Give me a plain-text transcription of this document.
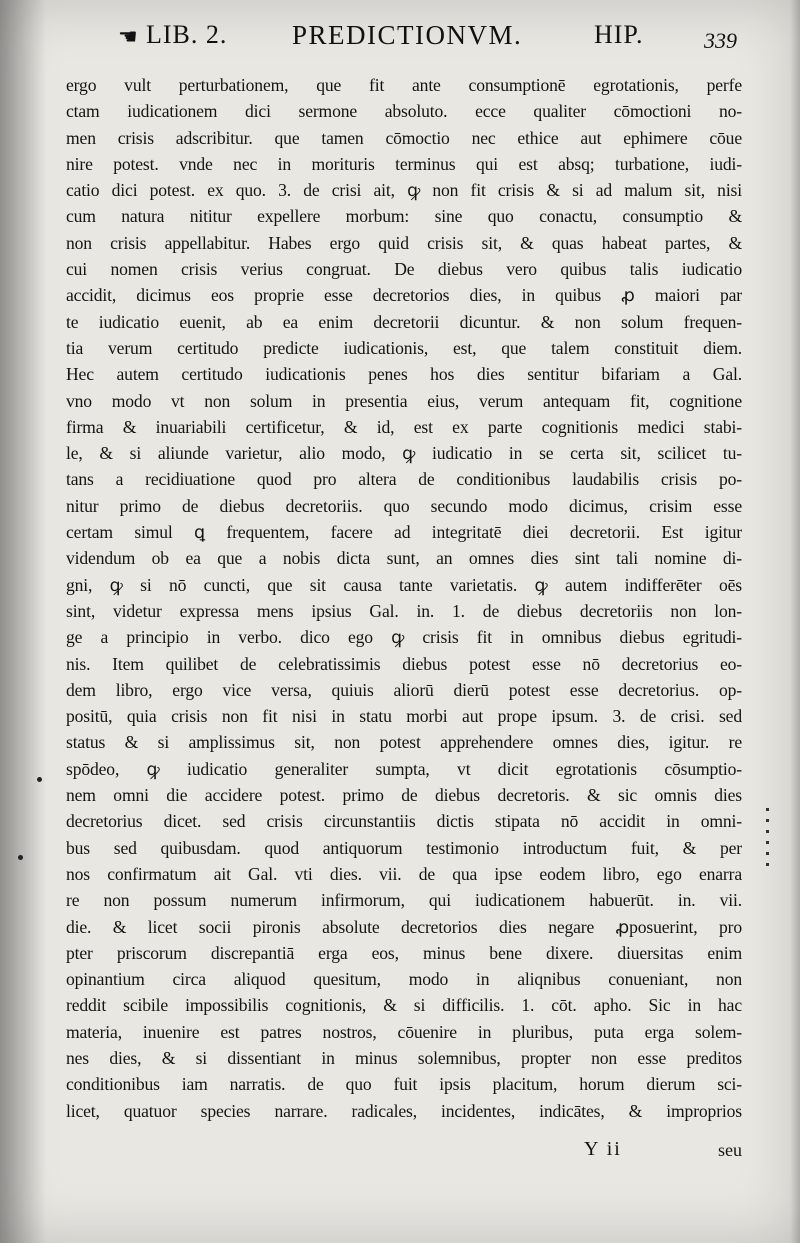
☚ LIB. 2. PREDICTIONVM.	HIP.	339
ergo vult perturbationem, que fit ante consumptionē egrotationis, perfe
ctam iudicationem dici sermone absoluto. ecce qualiter cōmoctioni no-
men crisis adscribitur. que tamen cōmoctio nec ethice aut ephimere cōue
nire potest. vnde nec in morituris terminus qui est absq; turbatione, iudi-
catio dici potest. ex quo. 3. de crisi ait, ꝙ non fit crisis & si ad malum sit, nisi
cum natura nititur expellere morbum: sine quo conactu, consumptio &
non crisis appellabitur. Habes ergo quid crisis sit, & quas habeat partes, &
cui nomen crisis verius congruat. De diebus vero quibus talis iudicatio
accidit, dicimus eos proprie esse decretorios dies, in quibus ꝓ maiori par
te iudicatio euenit, ab ea enim decretorii dicuntur. & non solum frequen-
tia verum certitudo predicte iudicationis, est, que talem constituit diem.
Hec autem certitudo iudicationis penes hos dies sentitur bifariam a Gal.
vno modo vt non solum in presentia eius, verum antequam fit, cognitione
firma & inuariabili certificetur, & id, est ex parte cognitionis medici stabi-
le, & si aliunde varietur, alio modo, ꝙ iudicatio in se certa sit, scilicet tu-
tans a recidiuatione quod pro altera de conditionibus laudabilis crisis po-
nitur primo de diebus decretoriis. quo secundo modo dicimus, crisim esse
certam simul ꝗ frequentem, facere ad integritatē diei decretorii. Est igitur
videndum ob ea que a nobis dicta sunt, an omnes dies sint tali nomine di-
gni, ꝙ si nō cuncti, que sit causa tante varietatis. ꝙ autem indifferēter oēs
sint, videtur expressa mens ipsius Gal. in. 1. de diebus decretoriis non lon-
ge a principio in verbo. dico ego ꝙ crisis fit in omnibus diebus egritudi-
nis. Item quilibet de celebratissimis diebus potest esse nō decretorius eo-
dem libro, ergo vice versa, quiuis aliorū dierū potest esse decretorius. op-
positū, quia crisis non fit nisi in statu morbi aut prope ipsum. 3. de crisi. sed
status & si amplissimus sit, non potest apprehendere omnes dies, igitur. re
spōdeo, ꝙ iudicatio generaliter sumpta, vt dicit egrotationis cōsumptio-
nem omni die accidere potest. primo de diebus decretoris. & sic omnis dies
decretorius dicet. sed crisis circunstantiis dictis stipata nō accidit in omni-
bus sed quibusdam. quod antiquorum testimonio introductum fuit, & per
nos confirmatum ait Gal. vti dies. vii. de qua ipse eodem libro, ego enarra
re non possum numerum infirmorum, qui iudicationem habuerūt. in. vii.
die. & licet socii pironis absolute decretorios dies negare ꝓposuerint, pro
pter priscorum discrepantiā erga eos, minus bene dixere. diuersitas enim
opinantium circa aliquod quesitum, modo in aliqnibus conueniant, non
reddit scibile impossibilis cognitionis, & si difficilis. 1. cōt. apho. Sic in hac
materia, inuenire est patres nostros, cōuenire in pluribus, puta erga solem-
nes dies, & si dissentiant in minus solemnibus, propter non esse preditos
conditionibus iam narratis. de quo fuit ipsis placitum, horum dierum sci-
licet, quatuor species narrare. radicales, incidentes, indicātes, & improprios
Y ii	seu
